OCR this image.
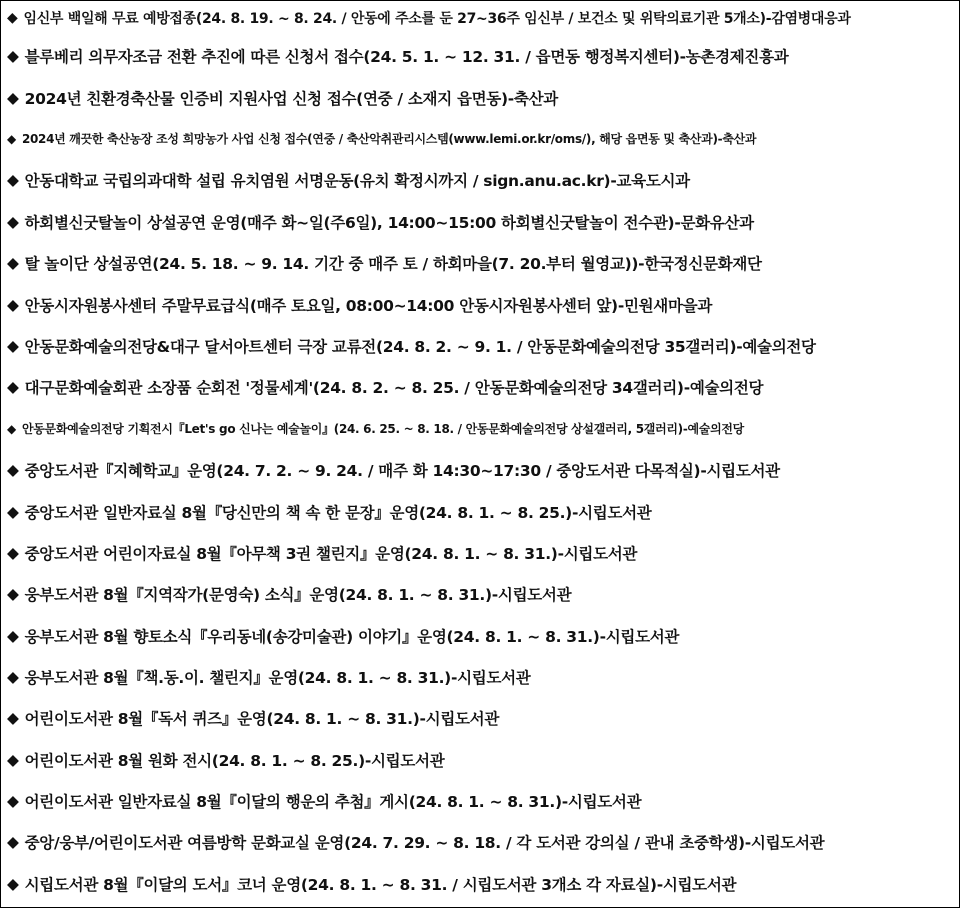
◆ 임신부 백일해 무료 예방접종(24. 8. 19. ~ 8. 24. / 안동에 주소를 둔 27~36주 임신부 / 보건소 및 위탁의료기관 5개소)-감염병대응과
◆ 블루베리 의무자조금 전환 추진에 따른 신청서 접수(24. 5. 1. ~ 12. 31. / 읍면동 행정복지센터)-농촌경제진흥과
◆ 2024년 친환경축산물 인증비 지원사업 신청 접수(연중 / 소재지 읍면동)-축산과
◆ 2024년 깨끗한 축산농장 조성 희망농가 사업 신청 접수(연중 / 축산악취관리시스템(www.lemi.or.kr/oms/), 해당 읍면동 및 축산과)-축산과
◆ 안동대학교 국립의과대학 설립 유치염원 서명운동(유치 확정시까지 / sign.anu.ac.kr)-교육도시과
◆ 하회별신굿탈놀이 상설공연 운영(매주 화~일(주6일), 14:00~15:00 하회별신굿탈놀이 전수관)-문화유산과
◆ 탈 놀이단 상설공연(24. 5. 18. ~ 9. 14. 기간 중 매주 토 / 하회마을(7. 20.부터 월영교))-한국정신문화재단
◆ 안동시자원봉사센터 주말무료급식(매주 토요일, 08:00~14:00 안동시자원봉사센터 앞)-민원새마을과
◆ 안동문화예술의전당&대구 달서아트센터 극장 교류전(24. 8. 2. ~ 9. 1. / 안동문화예술의전당 35갤러리)-예술의전당
◆ 대구문화예술회관 소장품 순회전 '정물세계'(24. 8. 2. ~ 8. 25. / 안동문화예술의전당 34갤러리)-예술의전당
◆ 안동문화예술의전당 기획전시『Let's go 신나는 예술놀이』(24. 6. 25. ~ 8. 18. / 안동문화예술의전당 상설갤러리, 5갤러리)-예술의전당
◆ 중앙도서관『지혜학교』운영(24. 7. 2. ~ 9. 24. / 매주 화 14:30~17:30 / 중앙도서관 다목적실)-시립도서관
◆ 중앙도서관 일반자료실 8월『당신만의 책 속 한 문장』운영(24. 8. 1. ~ 8. 25.)-시립도서관
◆ 중앙도서관 어린이자료실 8월『아무책 3권 챌린지』운영(24. 8. 1. ~ 8. 31.)-시립도서관
◆ 웅부도서관 8월『지역작가(문영숙) 소식』운영(24. 8. 1. ~ 8. 31.)-시립도서관
◆ 웅부도서관 8월 향토소식『우리동네(송강미술관) 이야기』운영(24. 8. 1. ~ 8. 31.)-시립도서관
◆ 웅부도서관 8월『책.동.이. 챌린지』운영(24. 8. 1. ~ 8. 31.)-시립도서관
◆ 어린이도서관 8월『독서 퀴즈』운영(24. 8. 1. ~ 8. 31.)-시립도서관
◆ 어린이도서관 8월 원화 전시(24. 8. 1. ~ 8. 25.)-시립도서관
◆ 어린이도서관 일반자료실 8월『이달의 행운의 추첨』게시(24. 8. 1. ~ 8. 31.)-시립도서관
◆ 중앙/웅부/어린이도서관 여름방학 문화교실 운영(24. 7. 29. ~ 8. 18. / 각 도서관 강의실 / 관내 초중학생)-시립도서관
◆ 시립도서관 8월『이달의 도서』코너 운영(24. 8. 1. ~ 8. 31. / 시립도서관 3개소 각 자료실)-시립도서관
